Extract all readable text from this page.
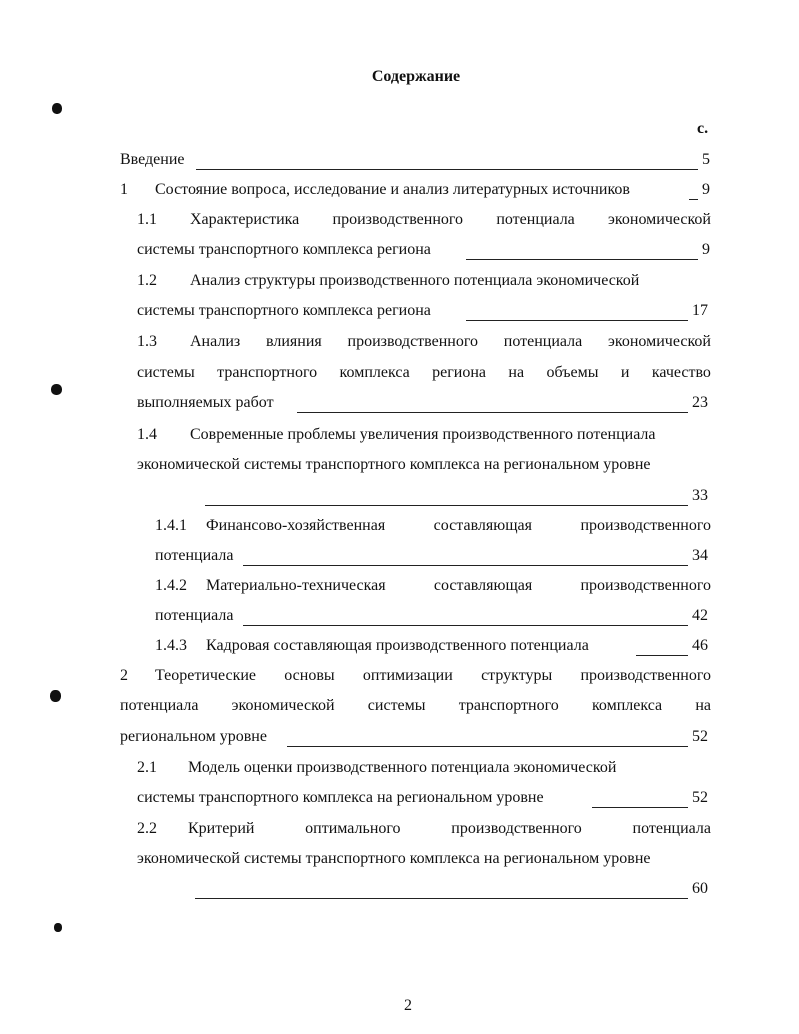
Содержание
с.
Введение	5
1 Состояние вопроса, исследование и анализ литературных источников	9
1.1 Характеристика производственного потенциала экономической
системы транспортного комплекса региона	9
1.2 Анализ структуры производственного потенциала экономической
системы транспортного комплекса региона	17
1.3 Анализ влияния производственного потенциала экономической
системы транспортного комплекса региона на объемы и качество
выполняемых работ	23
1.4 Современные проблемы увеличения производственного потенциала
экономической системы транспортного комплекса на региональном уровне
33
1.4.1 Финансово-хозяйственная	составляющая	производственного
потенциала	34
1.4.2 Материально-техническая	составляющая	производственного
потенциала	42
1.4.3 Кадровая составляющая производственного потенциала	46
2 Теоретические основы оптимизации структуры производственного
потенциала экономической системы транспортного комплекса на
региональном уровне	52
2.1 Модель оценки производственного потенциала экономической
системы транспортного комплекса на региональном уровне	52
2.2 Критерий	оптимального	производственного	потенциала
экономической системы транспортного комплекса на региональном уровне
60
2
